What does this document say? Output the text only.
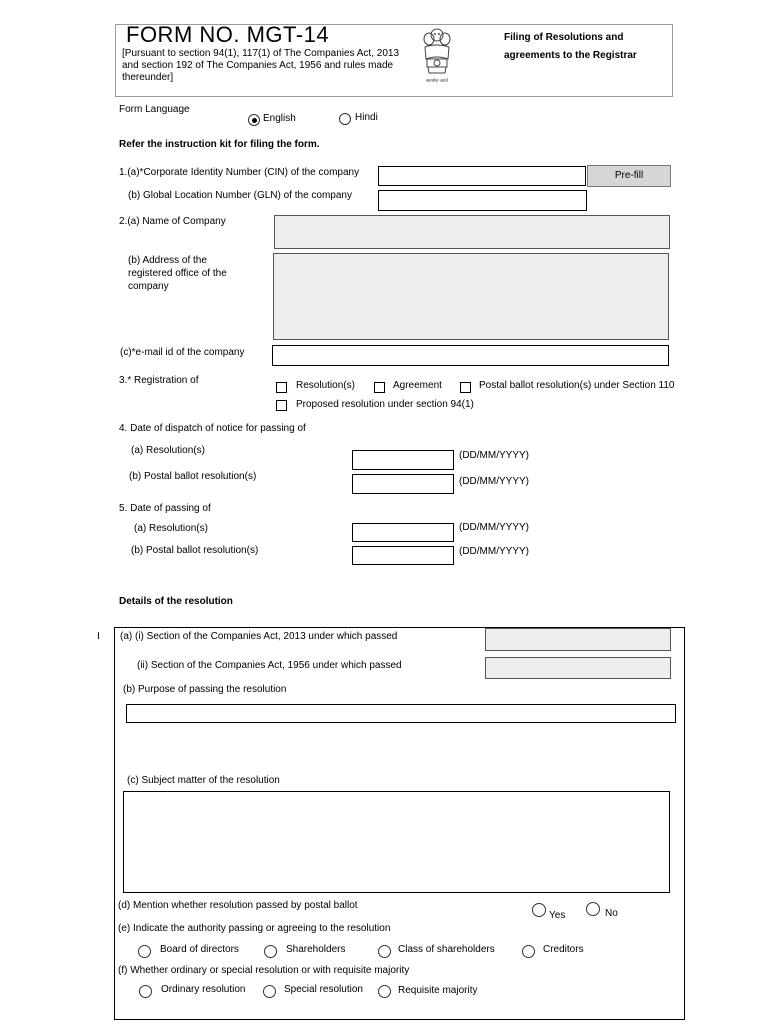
FORM NO. MGT-14
[Pursuant to section 94(1), 117(1) of The Companies Act, 2013 and section 192 of The Companies Act, 1956 and rules made thereunder]	सत्यमेव जयते
Filing of Resolutions and
agreements to the Registrar
Form Language
English	Hindi
Refer the instruction kit for filing the form.
1.(a)*Corporate Identity Number (CIN) of the company	Pre-fill
(b) Global Location Number (GLN) of the company
2.(a) Name of Company
(b) Address of the registered office of the company
(c)*e-mail id of the company
3.* Registration of	Resolution(s)	Agreement	Postal ballot resolution(s) under Section 110
Proposed resolution under section 94(1)
4. Date of dispatch of notice for passing of
(a) Resolution(s)	(DD/MM/YYYY)
(b) Postal ballot resolution(s)	(DD/MM/YYYY)
5. Date of passing of
(a) Resolution(s)	(DD/MM/YYYY)
(b) Postal ballot resolution(s)	(DD/MM/YYYY)
Details of the resolution
I (a) (i) Section of the Companies Act, 2013 under which passed
(ii) Section of the Companies Act, 1956 under which passed
(b) Purpose of passing the resolution
(c) Subject matter of the resolution
(d) Mention whether resolution passed by postal ballot
Yes	No
(e) Indicate the authority passing or agreeing to the resolution
Board of directors	Shareholders	Class of shareholders	Creditors
(f) Whether ordinary or special resolution or with requisite majority
Ordinary resolution	Special resolution	Requisite majority
